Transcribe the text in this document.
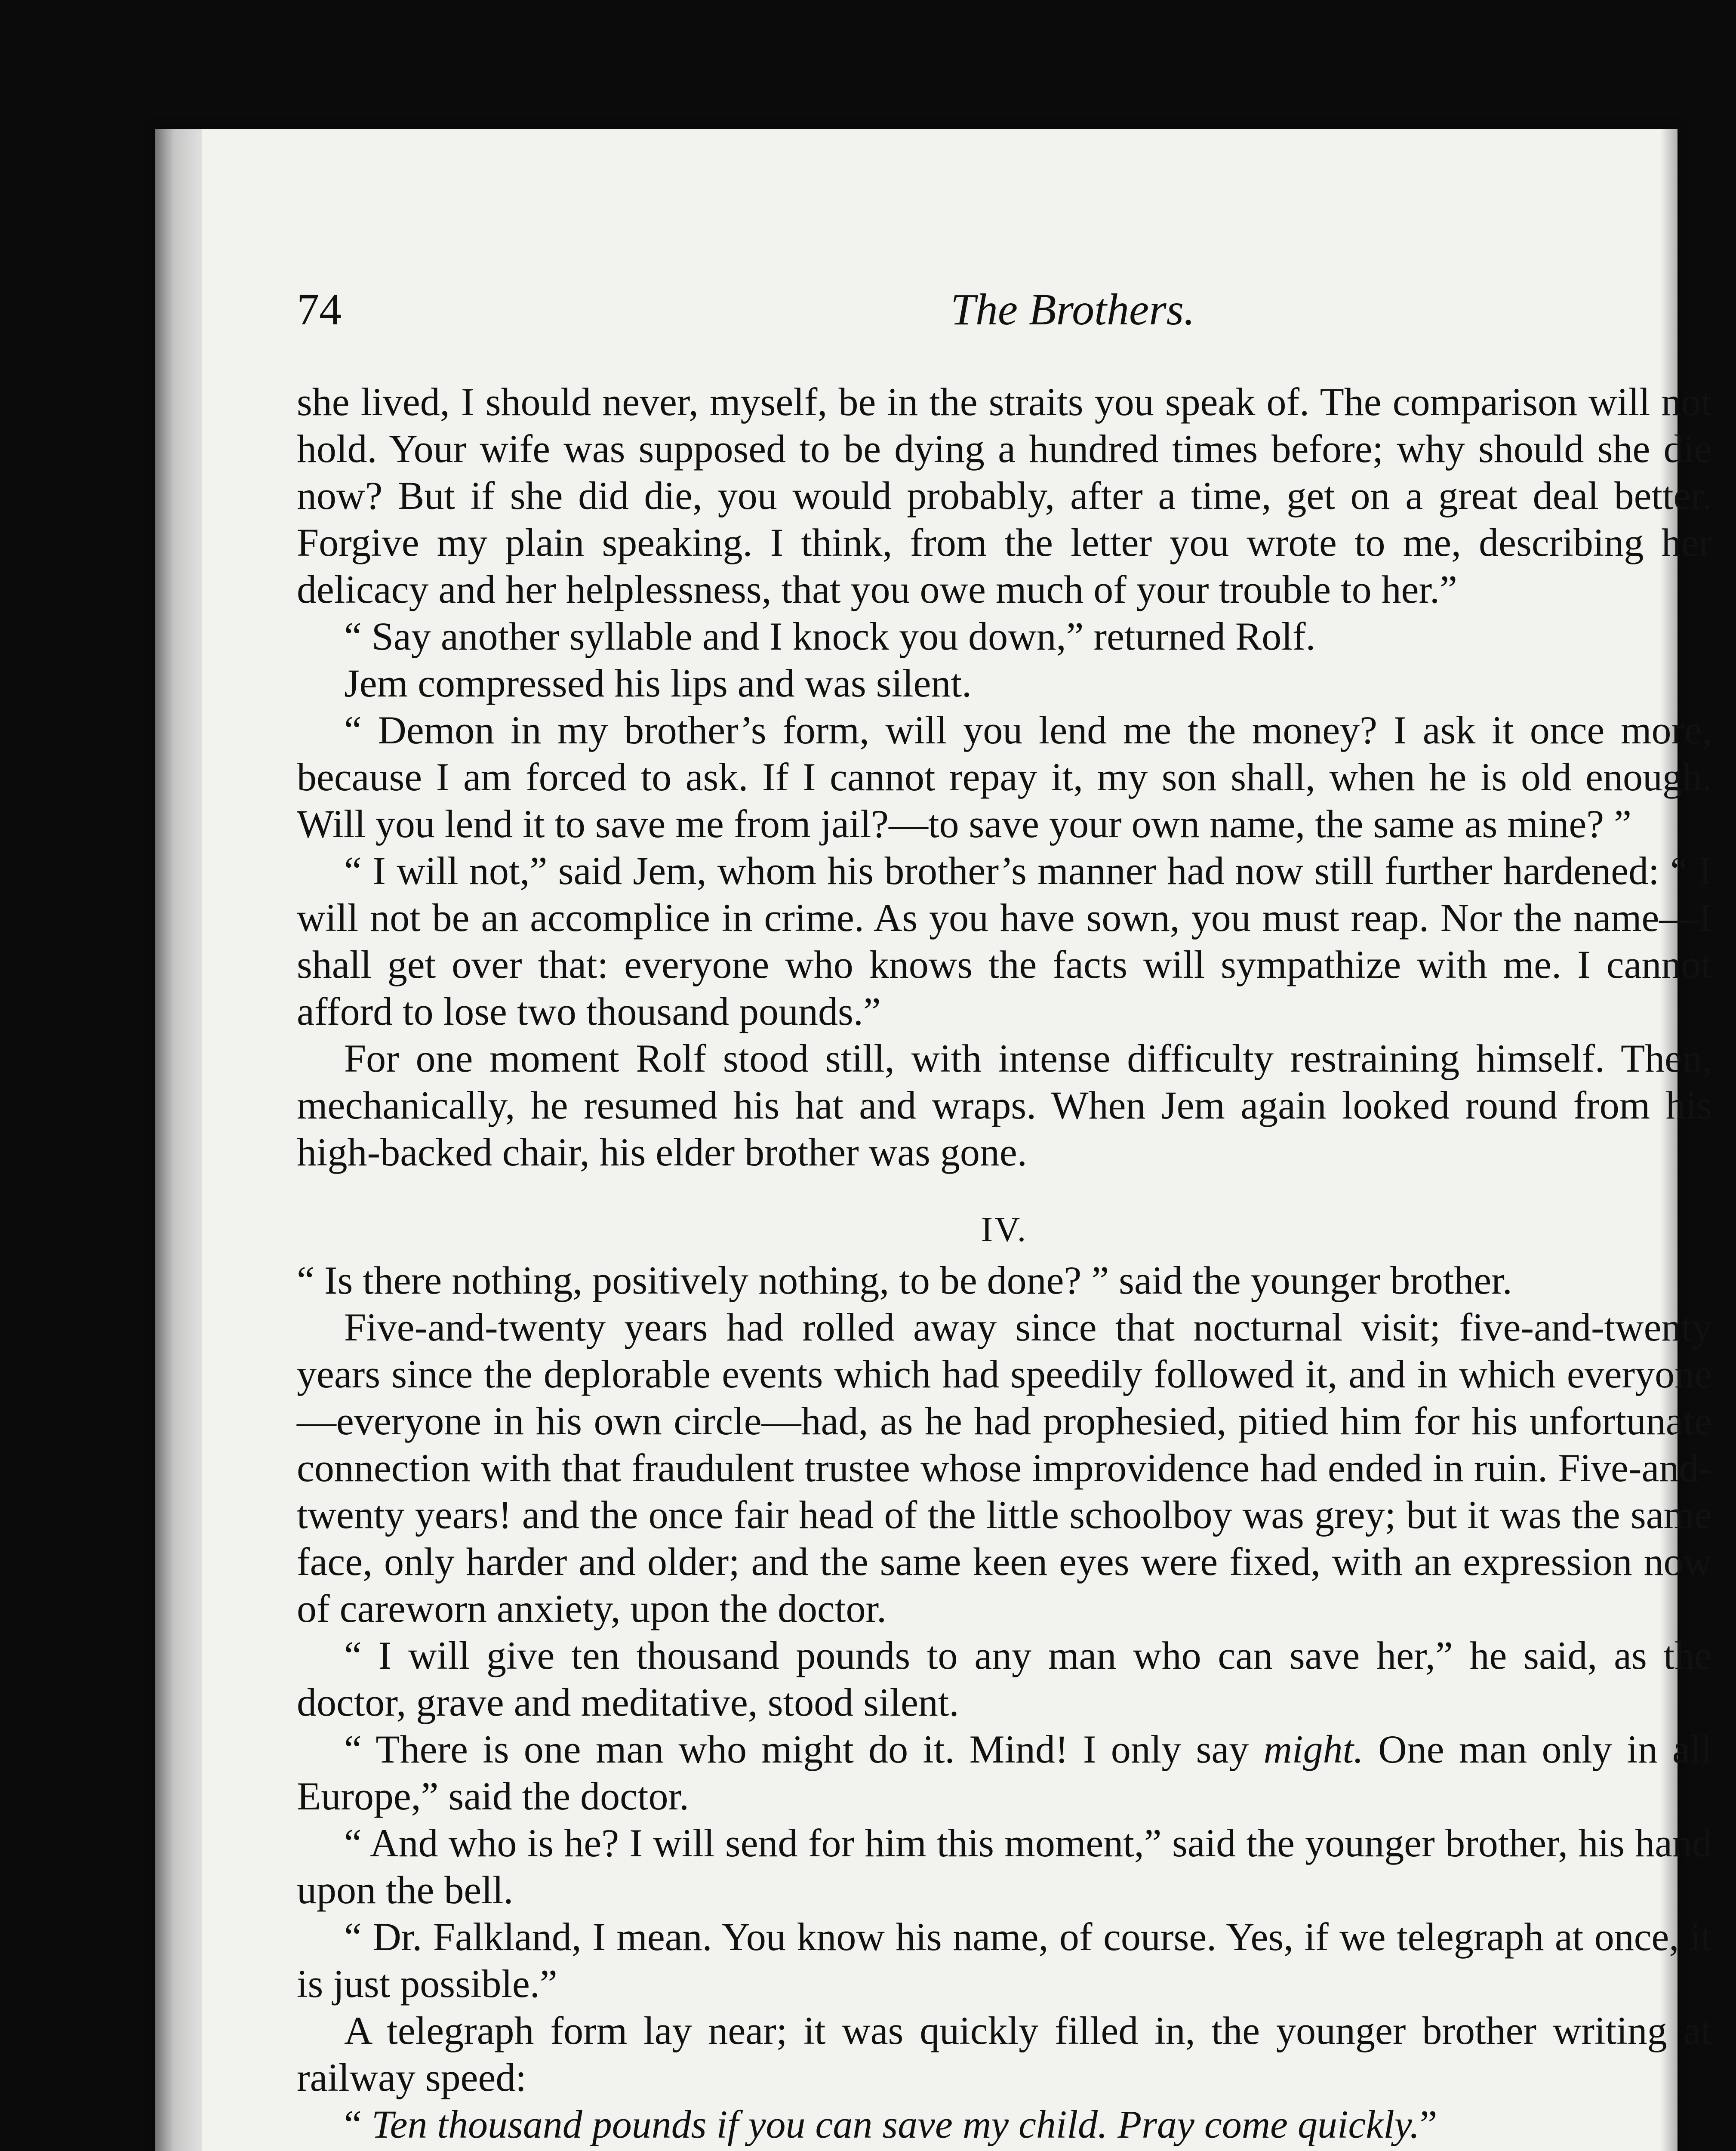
74	The Brothers.

she lived, I should never, myself, be in the straits you speak of. The comparison will not hold. Your wife was supposed to be dying a hundred times before; why should she die now? But if she did die, you would probably, after a time, get on a great deal better. Forgive my plain speaking. I think, from the letter you wrote to me, describing her delicacy and her helplessness, that you owe much of your trouble to her.”

“ Say another syllable and I knock you down,” returned Rolf.

Jem compressed his lips and was silent.

“ Demon in my brother’s form, will you lend me the money? I ask it once more, because I am forced to ask. If I cannot repay it, my son shall, when he is old enough. Will you lend it to save me from jail?—to save your own name, the same as mine? ”

“ I will not,” said Jem, whom his brother’s manner had now still further hardened: “ I will not be an accomplice in crime. As you have sown, you must reap. Nor the name—I shall get over that: everyone who knows the facts will sympathize with me. I cannot afford to lose two thousand pounds.”

For one moment Rolf stood still, with intense difficulty restraining himself. Then, mechanically, he resumed his hat and wraps. When Jem again looked round from his high-backed chair, his elder brother was gone.

IV.

“ Is there nothing, positively nothing, to be done? ” said the younger brother.

Five-and-twenty years had rolled away since that nocturnal visit; five-and-twenty years since the deplorable events which had speedily followed it, and in which everyone—everyone in his own circle—had, as he had prophesied, pitied him for his unfortunate connection with that fraudulent trustee whose improvidence had ended in ruin. Five-and-twenty years! and the once fair head of the little schoolboy was grey; but it was the same face, only harder and older; and the same keen eyes were fixed, with an expression now of careworn anxiety, upon the doctor.

“ I will give ten thousand pounds to any man who can save her,” he said, as the doctor, grave and meditative, stood silent.

“ There is one man who might do it. Mind! I only say might. One man only in all Europe,” said the doctor.

“ And who is he? I will send for him this moment,” said the younger brother, his hand upon the bell.

“ Dr. Falkland, I mean. You know his name, of course. Yes, if we telegraph at once, it is just possible.”

A telegraph form lay near; it was quickly filled in, the younger brother writing at railway speed:

“ Ten thousand pounds if you can save my child. Pray come quickly.”
